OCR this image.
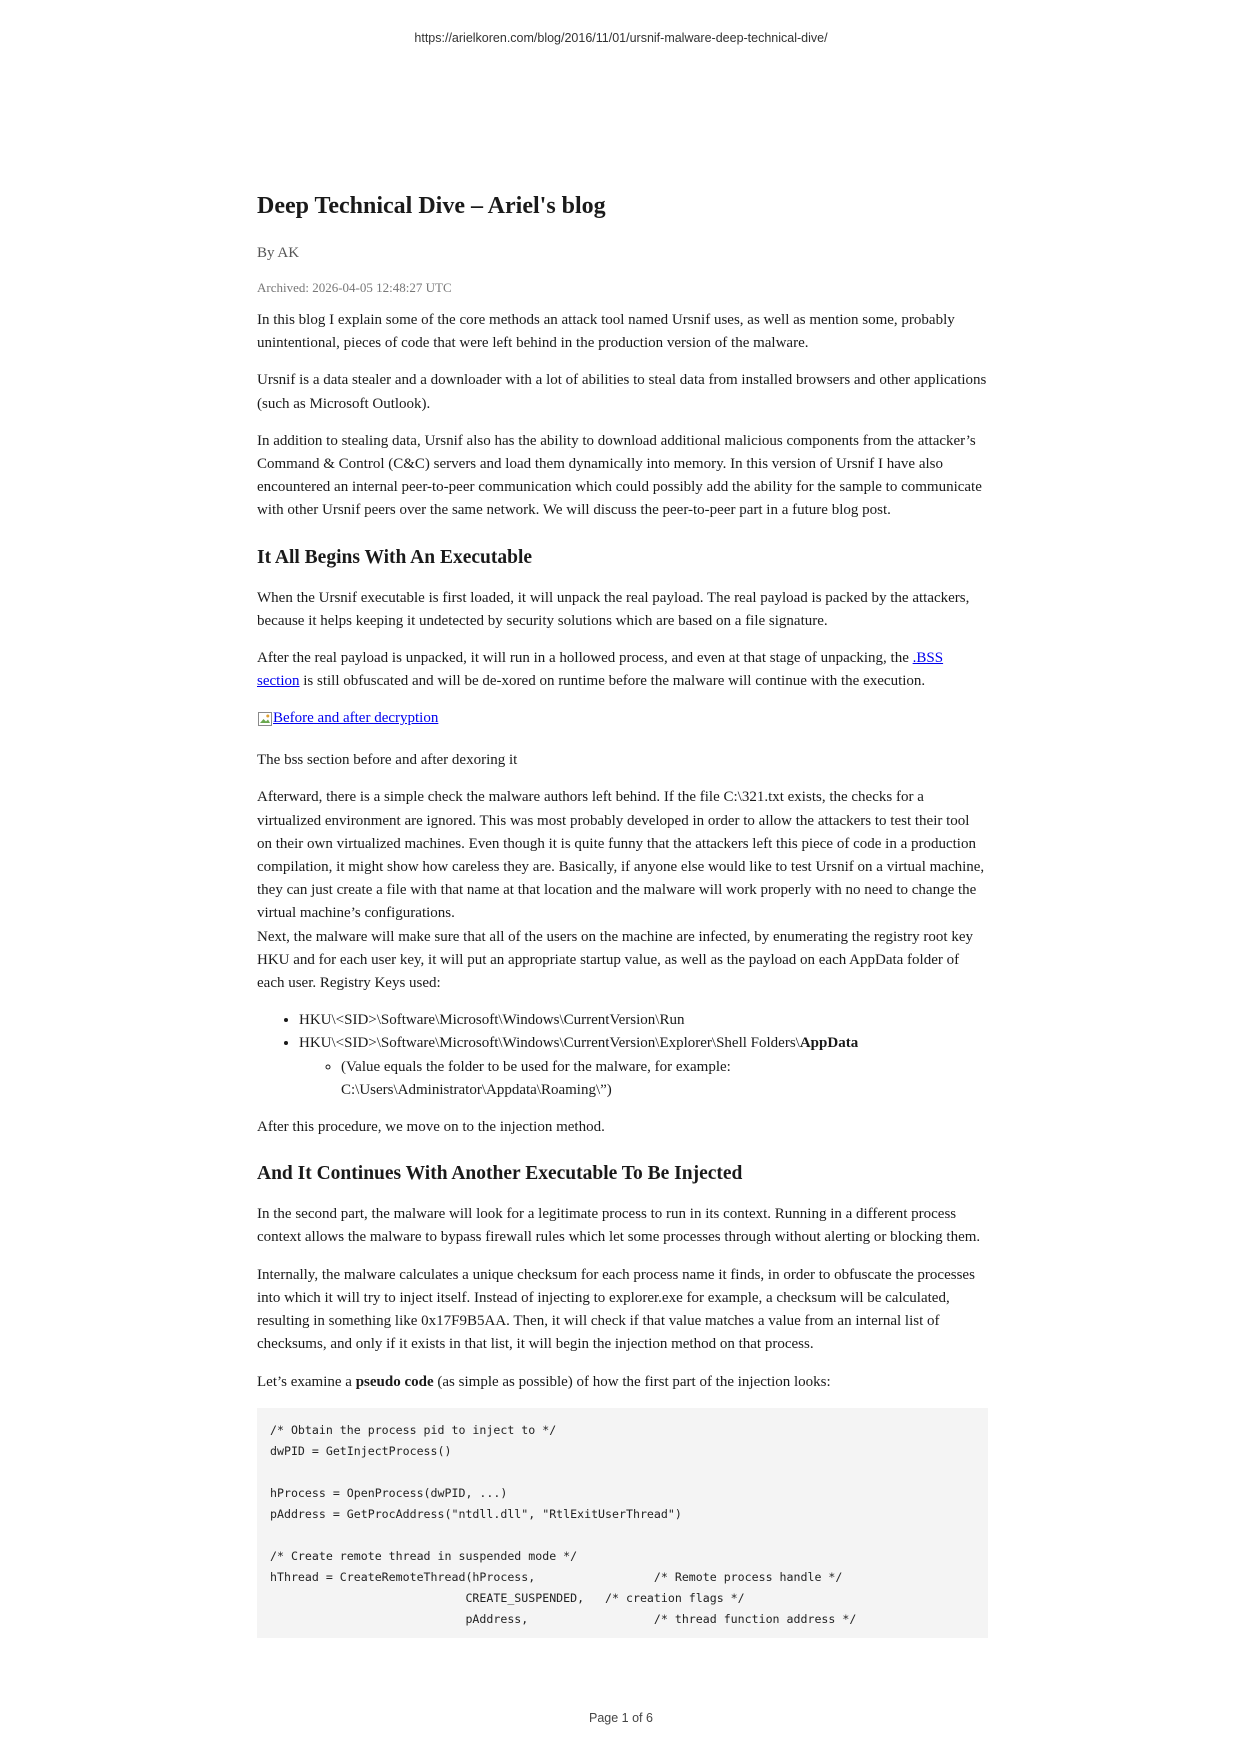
https://arielkoren.com/blog/2016/11/01/ursnif-malware-deep-technical-dive/
Deep Technical Dive – Ariel's blog
By AK
Archived: 2026-04-05 12:48:27 UTC

In this blog I explain some of the core methods an attack tool named Ursnif uses, as well as mention some, probably unintentional, pieces of code that were left behind in the production version of the malware.

Ursnif is a data stealer and a downloader with a lot of abilities to steal data from installed browsers and other applications (such as Microsoft Outlook).

In addition to stealing data, Ursnif also has the ability to download additional malicious components from the attacker’s Command & Control (C&C) servers and load them dynamically into memory. In this version of Ursnif I have also encountered an internal peer-to-peer communication which could possibly add the ability for the sample to communicate with other Ursnif peers over the same network. We will discuss the peer-to-peer part in a future blog post.

It All Begins With An Executable

When the Ursnif executable is first loaded, it will unpack the real payload. The real payload is packed by the attackers, because it helps keeping it undetected by security solutions which are based on a file signature.

After the real payload is unpacked, it will run in a hollowed process, and even at that stage of unpacking, the .BSS section is still obfuscated and will be de-xored on runtime before the malware will continue with the execution.

Before and after decryption

The bss section before and after dexoring it

Afterward, there is a simple check the malware authors left behind. If the file C:\321.txt exists, the checks for a virtualized environment are ignored. This was most probably developed in order to allow the attackers to test their tool on their own virtualized machines. Even though it is quite funny that the attackers left this piece of code in a production compilation, it might show how careless they are. Basically, if anyone else would like to test Ursnif on a virtual machine, they can just create a file with that name at that location and the malware will work properly with no need to change the virtual machine’s configurations.

Next, the malware will make sure that all of the users on the machine are infected, by enumerating the registry root key HKU and for each user key, it will put an appropriate startup value, as well as the payload on each AppData folder of each user. Registry Keys used:

• HKU\<SID>\Software\Microsoft\Windows\CurrentVersion\Run
• HKU\<SID>\Software\Microsoft\Windows\CurrentVersion\Explorer\Shell Folders\AppData
◦ (Value equals the folder to be used for the malware, for example: C:\Users\Administrator\Appdata\Roaming\”)

After this procedure, we move on to the injection method.

And It Continues With Another Executable To Be Injected

In the second part, the malware will look for a legitimate process to run in its context. Running in a different process context allows the malware to bypass firewall rules which let some processes through without alerting or blocking them.

Internally, the malware calculates a unique checksum for each process name it finds, in order to obfuscate the processes into which it will try to inject itself. Instead of injecting to explorer.exe for example, a checksum will be calculated, resulting in something like 0x17F9B5AA. Then, it will check if that value matches a value from an internal list of checksums, and only if it exists in that list, it will begin the injection method on that process.

Let’s examine a pseudo code (as simple as possible) of how the first part of the injection looks:

/* Obtain the process pid to inject to */
dwPID = GetInjectProcess()

hProcess = OpenProcess(dwPID, ...)
pAddress = GetProcAddress("ntdll.dll", "RtlExitUserThread")

/* Create remote thread in suspended mode */
hThread = CreateRemoteThread(hProcess,                 /* Remote process handle */
CREATE_SUSPENDED,   /* creation flags */
pAddress,                  /* thread function address */
Page 1 of 6
